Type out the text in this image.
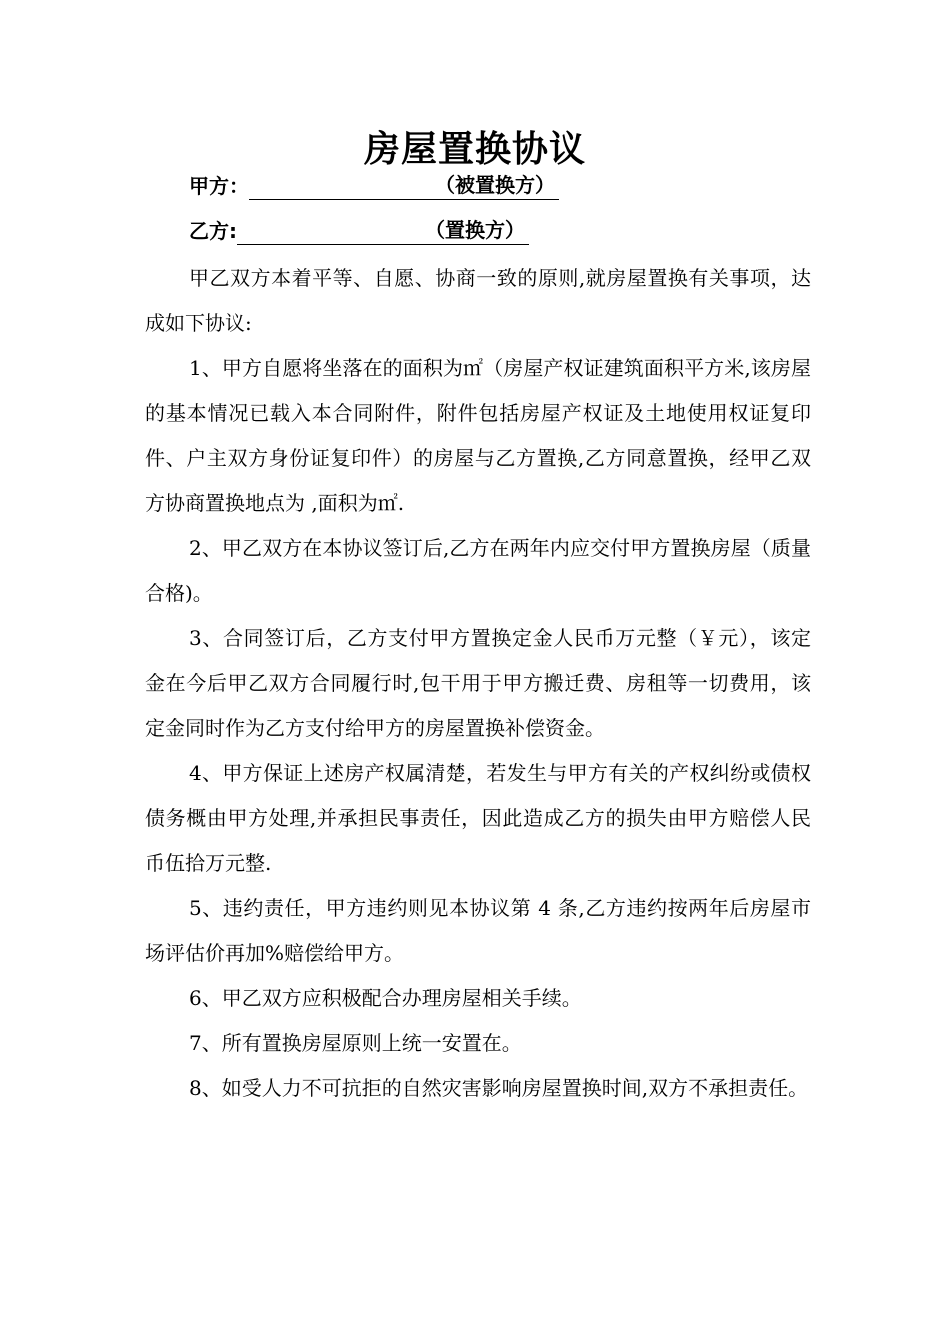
房屋置换协议
甲方：	（被置换方）
乙方:	（置换方）

甲乙双方本着平等、自愿、协商一致的原则,就房屋置换有关事项，达成如下协议:

1、甲方自愿将坐落在的面积为㎡（房屋产权证建筑面积平方米,该房屋的基本情况已载入本合同附件，附件包括房屋产权证及土地使用权证复印件、户主双方身份证复印件）的房屋与乙方置换,乙方同意置换，经甲乙双方协商置换地点为 ,面积为㎡.

2、甲乙双方在本协议签订后,乙方在两年内应交付甲方置换房屋（质量合格)。

3、合同签订后，乙方支付甲方置换定金人民币万元整（￥元），该定金在今后甲乙双方合同履行时,包干用于甲方搬迁费、房租等一切费用，该定金同时作为乙方支付给甲方的房屋置换补偿资金。

4、甲方保证上述房产权属清楚，若发生与甲方有关的产权纠纷或债权债务概由甲方处理,并承担民事责任，因此造成乙方的损失由甲方赔偿人民币伍拾万元整.

5、违约责任，甲方违约则见本协议第 4 条,乙方违约按两年后房屋市场评估价再加%赔偿给甲方。

6、甲乙双方应积极配合办理房屋相关手续。

7、所有置换房屋原则上统一安置在。

8、如受人力不可抗拒的自然灾害影响房屋置换时间,双方不承担责任。
